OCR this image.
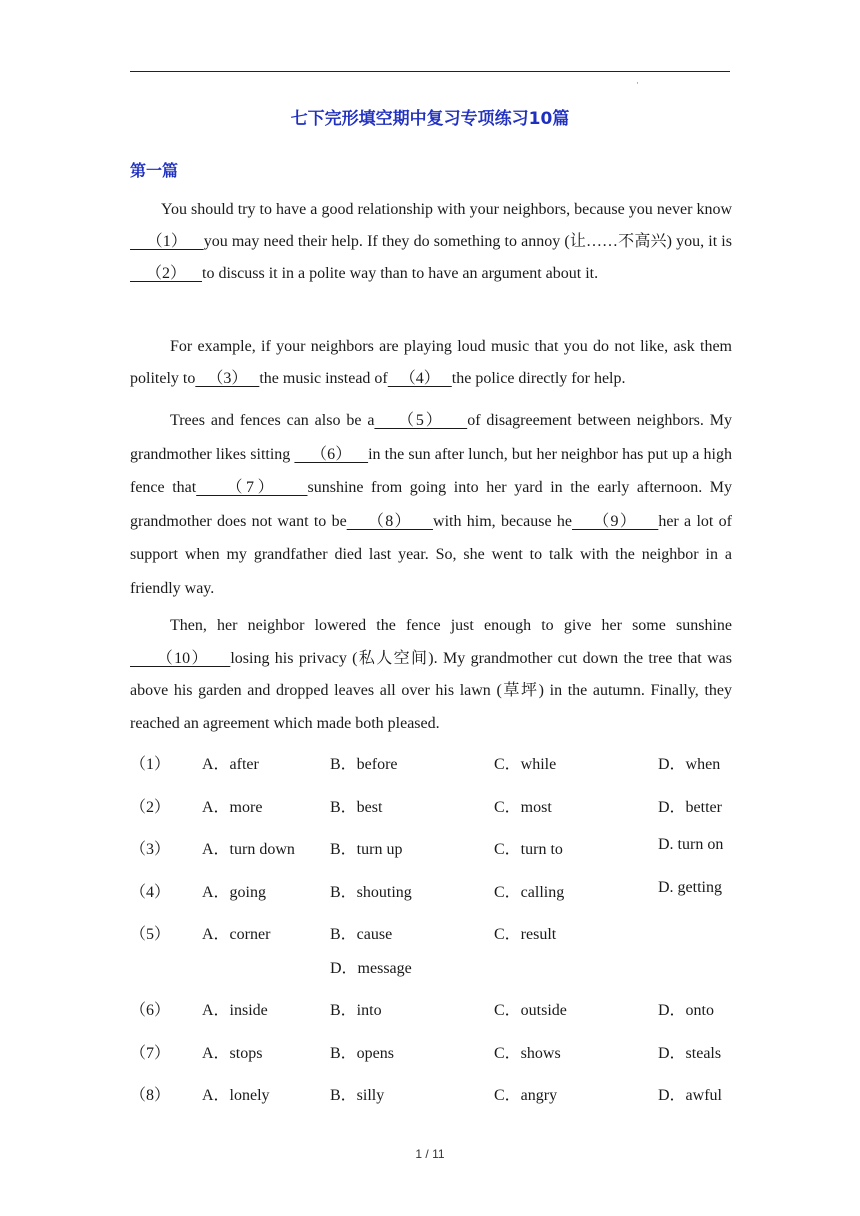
·
七下完形填空期中复习专项练习10篇
第一篇

You should try to have a good relationship with your neighbors, because you never know    （1）    you may need their help. If they do something to annoy (让……不高兴) you, it is    （2）    to discuss it in a polite way than to have an argument about it.

For example, if your neighbors are playing loud music that you do not like, ask them politely to   （3）   the music instead of   （4）   the police directly for help.

Trees and fences can also be a    （5）    of disagreement between neighbors. My grandmother likes sitting     （6）    in the sun after lunch, but her neighbor has put up a high fence that    （7）    sunshine from going into her yard in the early afternoon. My grandmother does not want to be    （8）    with him, because he    （9）    her a lot of support when my grandfather died last year. So, she went to talk with the neighbor in a friendly way.

Then, her neighbor lowered the fence just enough to give her some sunshine     （10）    losing his privacy (私人空间). My grandmother cut down the tree that was above his garden and dropped leaves all over his lawn (草坪) in the autumn. Finally, they reached an agreement which made both pleased.

（1）	A．after	B．before	C．while	D．when
（2）	A．more	B．best	C．most	D．better
（3）	A．turn down B．turn up	C．turn to	D. turn on
（4）	A．going	B．shouting	C．calling	D. getting
（5）	A．corner	B．cause	C．result
D．message
（6）	A．inside	B．into	C．outside	D．onto
（7）	A．stops	B．opens	C．shows	D．steals
（8）	A．lonely	B．silly	C．angry	D．awful
1 / 11
